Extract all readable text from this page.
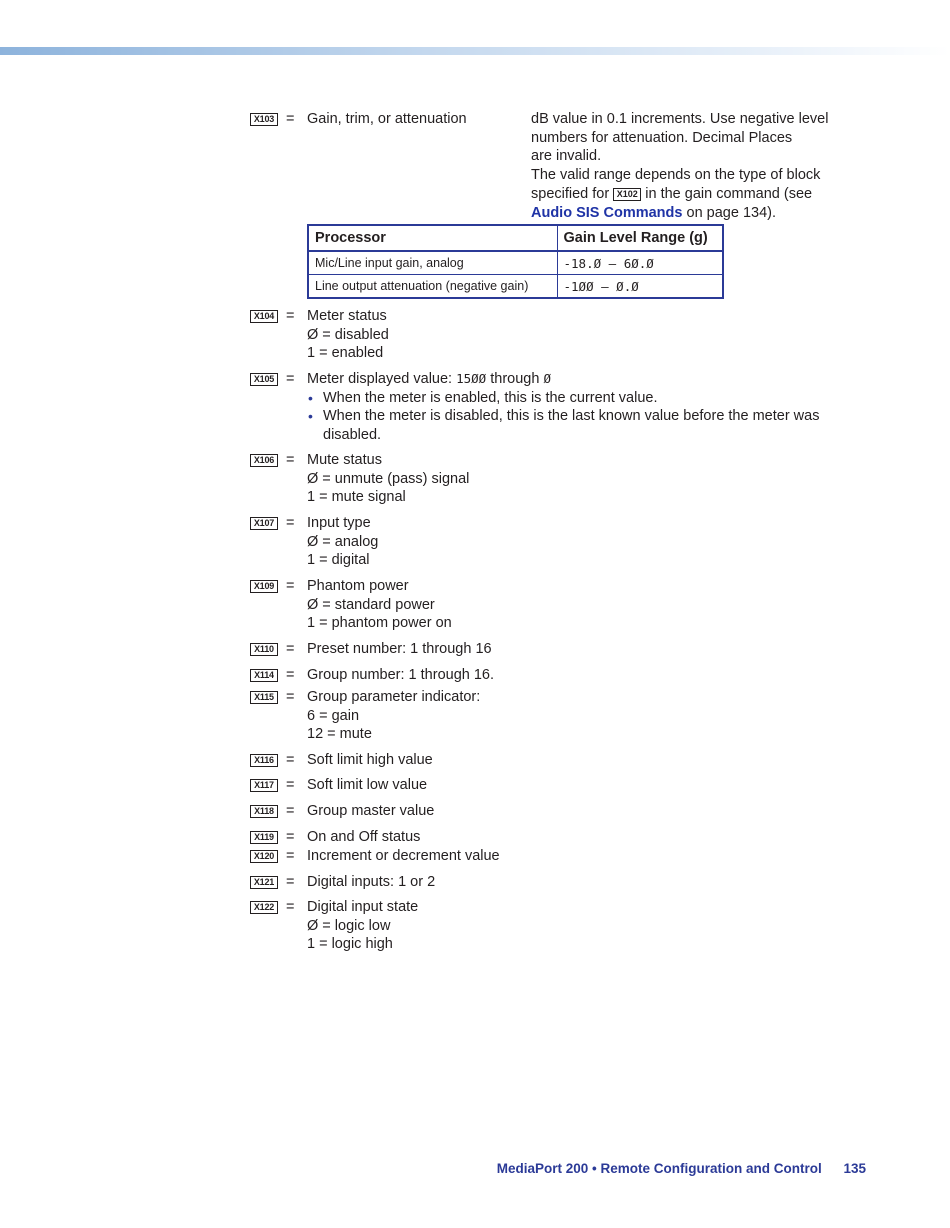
X103 = Gain, trim, or attenuation	dB value in 0.1 increments. Use negative level
numbers for attenuation. Decimal Places
are invalid.
The valid range depends on the type of block
specified for X102 in the gain command (see
Audio SIS Commands on page 134).
Processor	Gain Level Range (g)
Mic/Line input gain, analog	-18.Ø — 6Ø.Ø
Line output attenuation (negative gain)	-1ØØ — Ø.Ø
X104 = Meter status
Ø = disabled
1 = enabled
X105 = Meter displayed value: 15ØØ through Ø
• When the meter is enabled, this is the current value.
• When the meter is disabled, this is the last known value before the meter was
disabled.
X106 = Mute status
Ø = unmute (pass) signal
1 = mute signal
X107 = Input type
Ø = analog
1 = digital
X109 = Phantom power
Ø = standard power
1 = phantom power on
X110 = Preset number: 1 through 16
X114 = Group number: 1 through 16.
X115 = Group parameter indicator:
6 = gain
12 = mute
X116 = Soft limit high value
X117 = Soft limit low value
X118 = Group master value
X119 = On and Off status
X120 = Increment or decrement value
X121 = Digital inputs: 1 or 2
X122 = Digital input state
Ø = logic low
1 = logic high
MediaPort 200 • Remote Configuration and Control 135
